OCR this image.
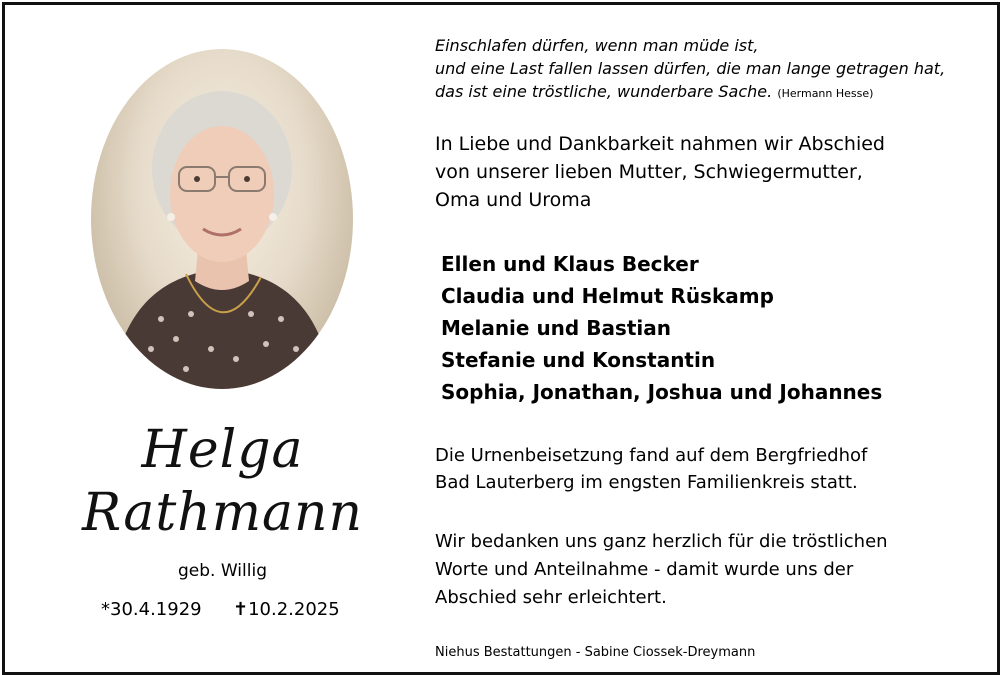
Helga
Rathmann
geb. Willig
*30.4.1929 ✝10.2.2025
Einschlafen dürfen, wenn man müde ist,
und eine Last fallen lassen dürfen, die man lange getragen hat,
das ist eine tröstliche, wunderbare Sache. (Hermann Hesse)
In Liebe und Dankbarkeit nahmen wir Abschied
von unserer lieben Mutter, Schwiegermutter,
Oma und Uroma
Ellen und Klaus Becker
Claudia und Helmut Rüskamp
Melanie und Bastian
Stefanie und Konstantin
Sophia, Jonathan, Joshua und Johannes
Die Urnenbeisetzung fand auf dem Bergfriedhof
Bad Lauterberg im engsten Familienkreis statt.
Wir bedanken uns ganz herzlich für die tröstlichen
Worte und Anteilnahme - damit wurde uns der
Abschied sehr erleichtert.
Niehus Bestattungen - Sabine Ciossek-Dreymann
